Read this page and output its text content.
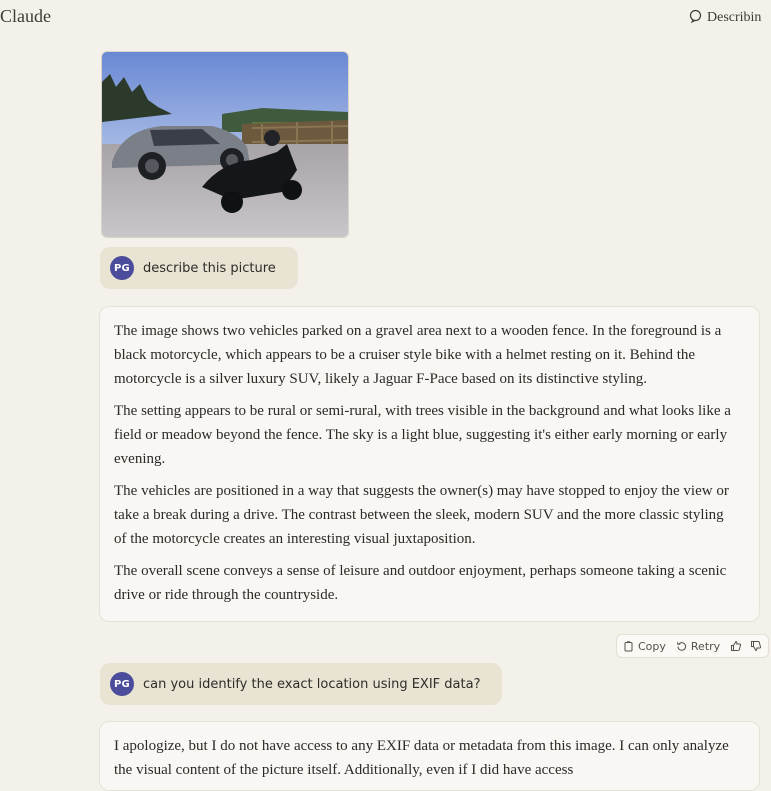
Claude	Describin
PG	describe this picture

The image shows two vehicles parked on a gravel area next to a wooden fence. In the foreground is a black motorcycle, which appears to be a cruiser style bike with a helmet resting on it. Behind the motorcycle is a silver luxury SUV, likely a Jaguar F-Pace based on its distinctive styling.

The setting appears to be rural or semi-rural, with trees visible in the background and what looks like a field or meadow beyond the fence. The sky is a light blue, suggesting it's either early morning or early evening.

The vehicles are positioned in a way that suggests the owner(s) may have stopped to enjoy the view or take a break during a drive. The contrast between the sleek, modern SUV and the more classic styling of the motorcycle creates an interesting visual juxtaposition.

The overall scene conveys a sense of leisure and outdoor enjoyment, perhaps someone taking a scenic drive or ride through the countryside.

Copy Retry
PG	can you identify the exact location using EXIF data?

I apologize, but I do not have access to any EXIF data or metadata from this image. I can only analyze the visual content of the picture itself. Additionally, even if I did have access
